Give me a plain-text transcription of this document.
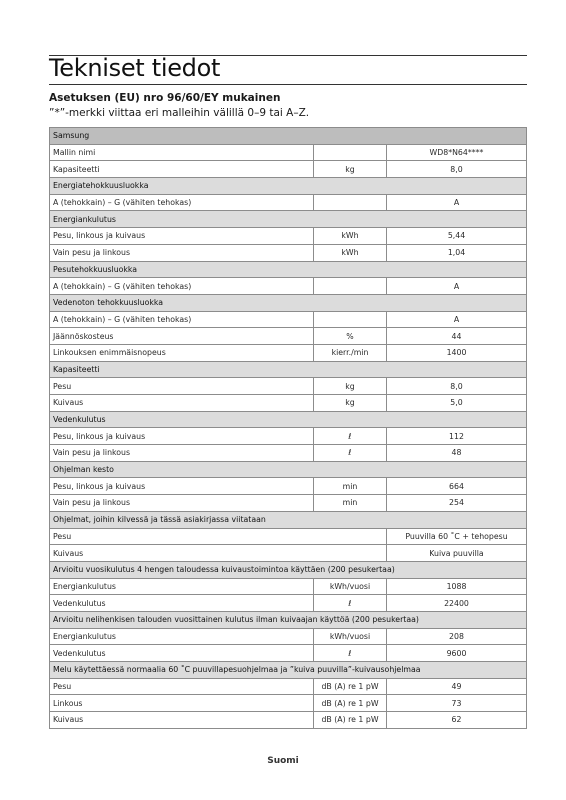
Tekniset tiedot
Asetuksen (EU) nro 96/60/EY mukainen
”*”-merkki viittaa eri malleihin välillä 0–9 tai A–Z.
Samsung		
Mallin nimi		WD8*N64****
Kapasiteetti	kg	8,0
Energiatehokkuusluokka		
A (tehokkain) – G (vähiten tehokas)		A
Energiankulutus		
Pesu, linkous ja kuivaus	kWh	5,44
Vain pesu ja linkous	kWh	1,04
Pesutehokkuusluokka		
A (tehokkain) – G (vähiten tehokas)		A
Vedenoton tehokkuusluokka		
A (tehokkain) – G (vähiten tehokas)		A
Jäännöskosteus	%	44
Linkouksen enimmäisnopeus	kierr./min	1400
Kapasiteetti		
Pesu	kg	8,0
Kuivaus	kg	5,0
Vedenkulutus		
Pesu, linkous ja kuivaus	ℓ	112
Vain pesu ja linkous	ℓ	48
Ohjelman kesto		
Pesu, linkous ja kuivaus	min	664
Vain pesu ja linkous	min	254
Ohjelmat, joihin kilvessä ja tässä asiakirjassa viitataan		
Pesu		Puuvilla 60 ˚C + tehopesu
Kuivaus		Kuiva puuvilla
Arvioitu vuosikulutus 4 hengen taloudessa kuivaustoimintoa käyttäen (200 pesukertaa)		
Energiankulutus	kWh/vuosi	1088
Vedenkulutus	ℓ	22400
Arvioitu nelihenkisen talouden vuosittainen kulutus ilman kuivaajan käyttöä (200 pesukertaa)		
Energiankulutus	kWh/vuosi	208
Vedenkulutus	ℓ	9600
Melu käytettäessä normaalia 60 ˚C puuvillapesuohjelmaa ja ”kuiva puuvilla”-kuivausohjelmaa		
Pesu	dB (A) re 1 pW	49
Linkous	dB (A) re 1 pW	73
Kuivaus	dB (A) re 1 pW	62
Suomi
